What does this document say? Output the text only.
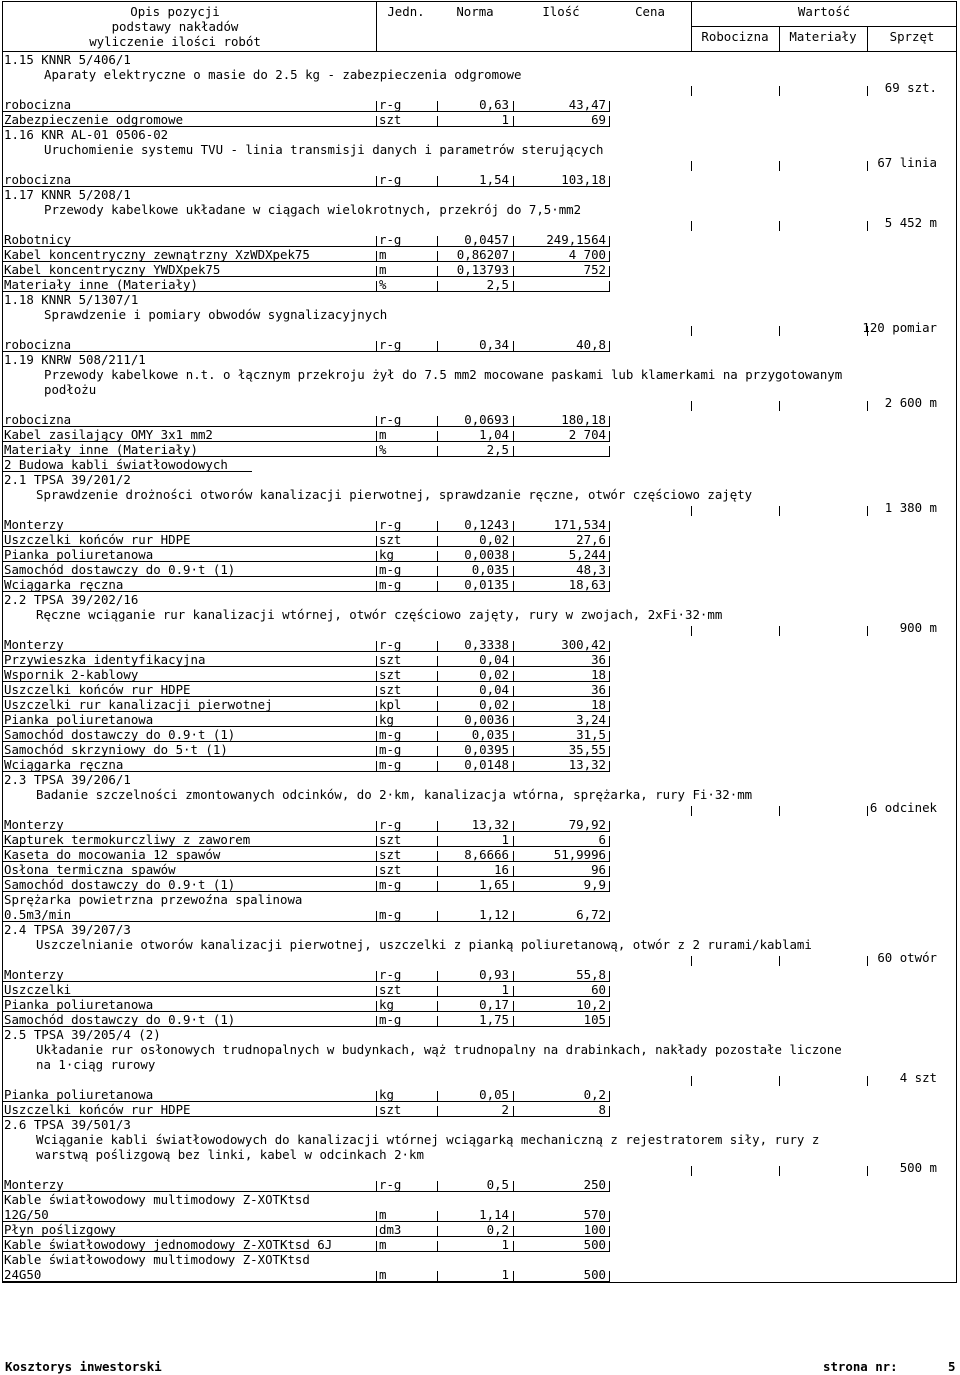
Opis pozycji
podstawy nakładów
wyliczenie ilości robót
Jedn.	Norma	Ilość	Cena	Wartość
Robocizna	Materiały	Sprzęt
Kosztorys inwestorski	strona nr:	5
1.15 KNNR 5/406/1
Aparaty elektryczne o masie do 2.5 kg - zabezpieczenia odgromowe
69 szt.
robocizna	r-g	0,63	43,47
Zabezpieczenie odgromowe	szt	1	69
1.16 KNR AL-01 0506-02
Uruchomienie systemu TVU - linia transmisji danych i parametrów sterujących
67 linia
robocizna	r-g	1,54	103,18
1.17 KNNR 5/208/1
Przewody kabelkowe układane w ciągach wielokrotnych, przekrój do 7,5·mm2
5 452 m
Robotnicy	r-g	0,0457	249,1564
Kabel koncentryczny zewnątrzny XzWDXpek75	m	0,86207	4 700
Kabel koncentryczny YWDXpek75	m	0,13793	752
Materiały inne (Materiały)	%	2,5
1.18 KNNR 5/1307/1
Sprawdzenie i pomiary obwodów sygnalizacyjnych
120 pomiar
robocizna	r-g	0,34	40,8
1.19 KNRW 508/211/1
Przewody kabelkowe n.t. o łącznym przekroju żył do 7.5 mm2 mocowane paskami lub klamerkami na przygotowanym
podłożu
2 600 m
robocizna	r-g	0,0693	180,18
Kabel zasilający OMY 3x1 mm2	m	1,04	2 704
Materiały inne (Materiały)	%	2,5
2 Budowa kabli światłowodowych
2.1 TPSA 39/201/2
Sprawdzenie drożności otworów kanalizacji pierwotnej, sprawdzanie ręczne, otwór częściowo zajęty
1 380 m
Monterzy	r-g	0,1243	171,534
Uszczelki końców rur HDPE	szt	0,02	27,6
Pianka poliuretanowa	kg	0,0038	5,244
Samochód dostawczy do 0.9·t (1)	m-g	0,035	48,3
Wciągarka ręczna	m-g	0,0135	18,63
2.2 TPSA 39/202/16
Ręczne wciąganie rur kanalizacji wtórnej, otwór częściowo zajęty, rury w zwojach, 2xFi·32·mm
900 m
Monterzy	r-g	0,3338	300,42
Przywieszka identyfikacyjna	szt	0,04	36
Wspornik 2-kablowy	szt	0,02	18
Uszczelki końców rur HDPE	szt	0,04	36
Uszczelki rur kanalizacji pierwotnej	kpl	0,02	18
Pianka poliuretanowa	kg	0,0036	3,24
Samochód dostawczy do 0.9·t (1)	m-g	0,035	31,5
Samochód skrzyniowy do 5·t (1)	m-g	0,0395	35,55
Wciągarka ręczna	m-g	0,0148	13,32
2.3 TPSA 39/206/1
Badanie szczelności zmontowanych odcinków, do 2·km, kanalizacja wtórna, sprężarka, rury Fi·32·mm
6 odcinek
Monterzy	r-g	13,32	79,92
Kapturek termokurczliwy z zaworem	szt	1	6
Kaseta do mocowania 12 spawów	szt	8,6666	51,9996
Osłona termiczna spawów	szt	16	96
Samochód dostawczy do 0.9·t (1)	m-g	1,65	9,9
Sprężarka powietrzna przewoźna spalinowa
0.5m3/min	m-g	1,12	6,72
2.4 TPSA 39/207/3
Uszczelnianie otworów kanalizacji pierwotnej, uszczelki z pianką poliuretanową, otwór z 2 rurami/kablami
60 otwór
Monterzy	r-g	0,93	55,8
Uszczelki	szt	1	60
Pianka poliuretanowa	kg	0,17	10,2
Samochód dostawczy do 0.9·t (1)	m-g	1,75	105
2.5 TPSA 39/205/4 (2)
Układanie rur osłonowych trudnopalnych w budynkach, wąż trudnopalny na drabinkach, nakłady pozostałe liczone
na 1·ciąg rurowy
4 szt
Pianka poliuretanowa	kg	0,05	0,2
Uszczelki końców rur HDPE	szt	2	8
2.6 TPSA 39/501/3
Wciąganie kabli światłowodowych do kanalizacji wtórnej wciągarką mechaniczną z rejestratorem siły, rury z
warstwą poślizgową bez linki, kabel w odcinkach 2·km
500 m
Monterzy	r-g	0,5	250
Kable światłowodowy multimodowy Z-XOTKtsd
12G/50	m	1,14	570
Płyn poślizgowy	dm3	0,2	100
Kable światłowodowy jednomodowy Z-XOTKtsd 6J	m	1	500
Kable światłowodowy multimodowy Z-XOTKtsd
24G50	m	1	500
